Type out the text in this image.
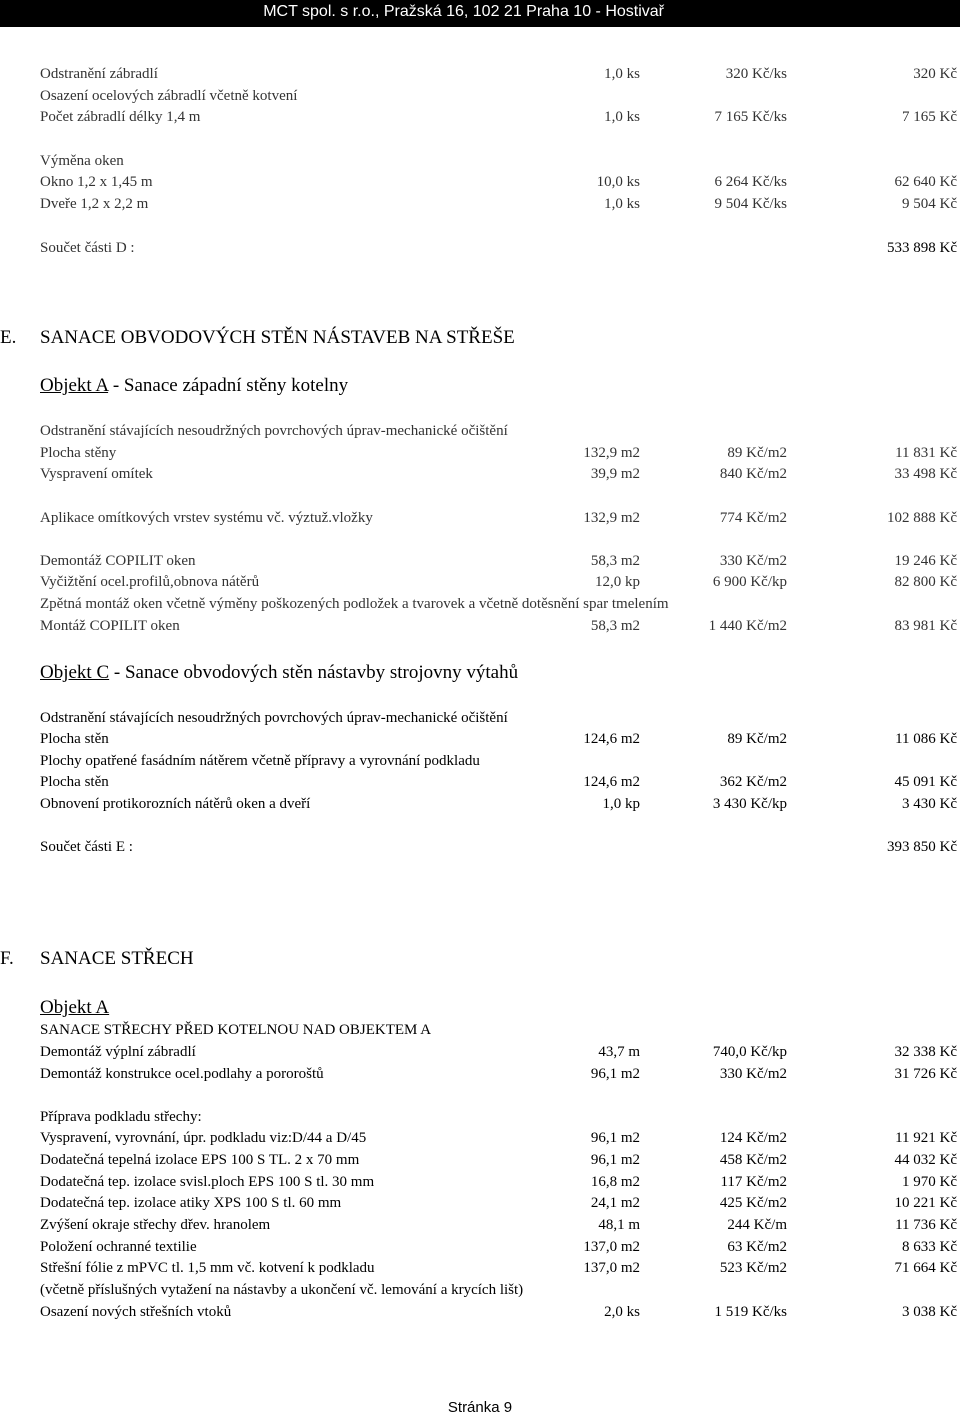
MCT spol. s r.o., Pražská 16, 102 21 Praha 10 - Hostivař
Odstranění zábradlí	1,0 ks	320 Kč/ks	320 Kč
Osazení ocelových zábradlí včetně kotvení
Počet zábradlí délky 1,4 m	1,0 ks	7 165 Kč/ks	7 165 Kč
Výměna oken
Okno 1,2 x 1,45 m	10,0 ks	6 264 Kč/ks	62 640 Kč
Dveře 1,2 x 2,2 m	1,0 ks	9 504 Kč/ks	9 504 Kč
Součet části D :	533 898 Kč
E. SANACE OBVODOVÝCH STĚN NÁSTAVEB NA STŘEŠE
Objekt A - Sanace západní stěny kotelny
Odstranění stávajících nesoudržných povrchových úprav-mechanické očištění
Plocha stěny	132,9 m2	89 Kč/m2	11 831 Kč
Vyspravení omítek	39,9 m2	840 Kč/m2	33 498 Kč
Aplikace omítkových vrstev systému vč. výztuž.vložky	132,9 m2	774 Kč/m2	102 888 Kč
Demontáž COPILIT oken	58,3 m2	330 Kč/m2	19 246 Kč
Vyčižtění ocel.profilů,obnova nátěrů	12,0 kp	6 900 Kč/kp	82 800 Kč
Zpětná montáž oken včetně výměny poškozených podložek a tvarovek a včetně dotěsnění spar tmelením
Montáž COPILIT oken	58,3 m2	1 440 Kč/m2	83 981 Kč
Objekt C - Sanace obvodových stěn nástavby strojovny výtahů
Odstranění stávajících nesoudržných povrchových úprav-mechanické očištění
Plocha stěn	124,6 m2	89 Kč/m2	11 086 Kč
Plochy opatřené fasádním nátěrem včetně přípravy a vyrovnání podkladu
Plocha stěn	124,6 m2	362 Kč/m2	45 091 Kč
Obnovení protikorozních nátěrů oken a dveří	1,0 kp	3 430 Kč/kp	3 430 Kč
Součet části E :	393 850 Kč
F. SANACE STŘECH
Objekt A
SANACE STŘECHY PŘED KOTELNOU NAD OBJEKTEM A
Demontáž výplní zábradlí	43,7 m	740,0 Kč/kp	32 338 Kč
Demontáž konstrukce ocel.podlahy a pororoštů	96,1 m2	330 Kč/m2	31 726 Kč
Příprava podkladu střechy:
Vyspravení, vyrovnání, úpr. podkladu viz:D/44 a D/45	96,1 m2	124 Kč/m2	11 921 Kč
Dodatečná tepelná izolace EPS 100 S TL. 2 x 70 mm	96,1 m2	458 Kč/m2	44 032 Kč
Dodatečná tep. izolace svisl.ploch EPS 100 S tl. 30 mm	16,8 m2	117 Kč/m2	1 970 Kč
Dodatečná tep. izolace atiky XPS 100 S tl. 60 mm	24,1 m2	425 Kč/m2	10 221 Kč
Zvýšení okraje střechy dřev. hranolem	48,1 m	244 Kč/m	11 736 Kč
Položení ochranné textilie	137,0 m2	63 Kč/m2	8 633 Kč
Střešní fólie z mPVC tl. 1,5 mm vč. kotvení k podkladu	137,0 m2	523 Kč/m2	71 664 Kč
(včetně příslušných vytažení na nástavby a ukončení vč. lemování a krycích lišt)
Osazení nových střešních vtoků	2,0 ks	1 519 Kč/ks	3 038 Kč
Stránka 9
